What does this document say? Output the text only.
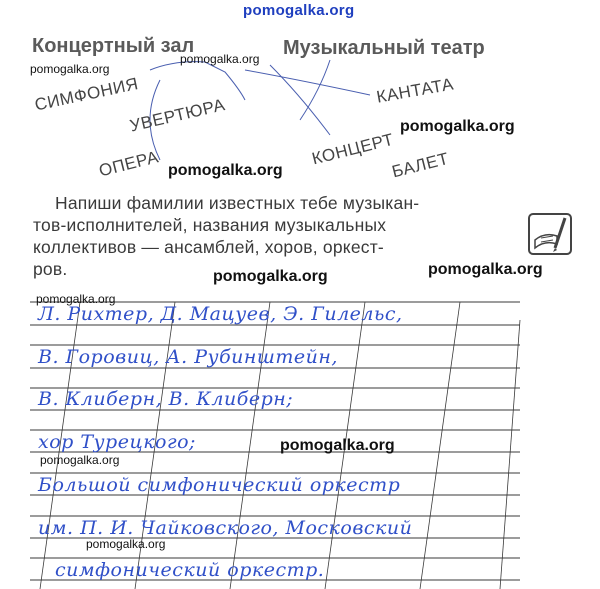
pomogalka.org
Концертный зал	Музыкальный театр
СИМФОНИЯ
УВЕРТЮРА
КАНТАТА
КОНЦЕРТ
ОПЕРА	БАЛЕТ
Напиши фамилии известных тебе музыкан-
тов-исполнителей, названия музыкальных
коллективов — ансамблей, хоров, оркест-
ров.
Л. Рихтер, Д. Мацуев, Э. Гилельс,
В. Горовиц, А. Рубинштейн,
В. Клиберн, В. Клиберн;
хор Турецкого;
Большой симфонический оркестр
им. П. И. Чайковского, Московский
симфонический оркестр.
pomogalka.org
pomogalka.org
pomogalka.org
pomogalka.org
pomogalka.org	pomogalka.org
pomogalka.org
pomogalka.org
pomogalka.org
pomogalka.org
